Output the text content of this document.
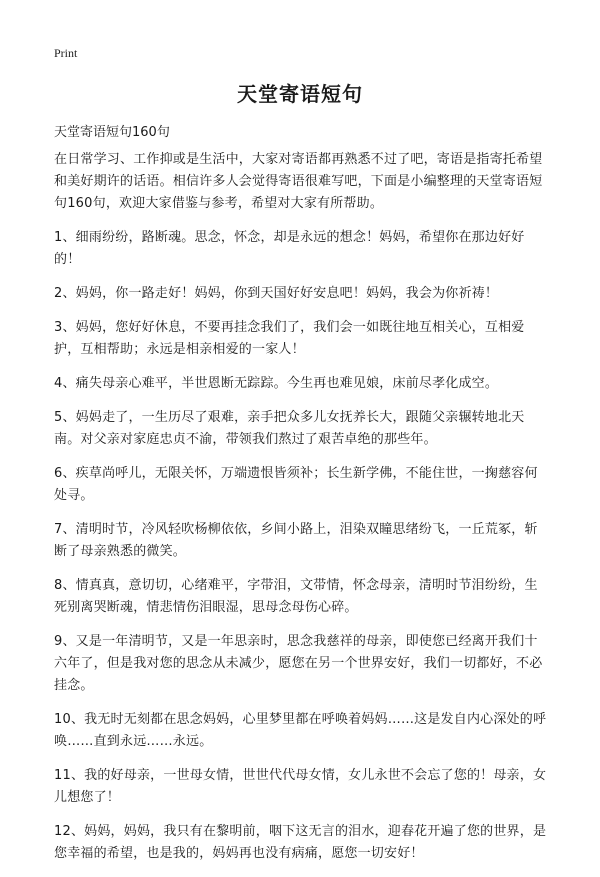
Print
天堂寄语短句
天堂寄语短句160句

在日常学习、工作抑或是生活中，大家对寄语都再熟悉不过了吧，寄语是指寄托希望和美好期许的话语。相信许多人会觉得寄语很难写吧，下面是小编整理的天堂寄语短句160句，欢迎大家借鉴与参考，希望对大家有所帮助。

1、细雨纷纷，路断魂。思念，怀念，却是永远的想念！妈妈，希望你在那边好好的！

2、妈妈，你一路走好！妈妈，你到天国好好安息吧！妈妈，我会为你祈祷！

3、妈妈，您好好休息，不要再挂念我们了，我们会一如既往地互相关心，互相爱护，互相帮助；永远是相亲相爱的一家人！

4、痛失母亲心难平，半世恩断无踪踪。今生再也难见娘，床前尽孝化成空。

5、妈妈走了，一生历尽了艰难，亲手把众多儿女抚养长大，跟随父亲辗转地北天南。对父亲对家庭忠贞不渝，带领我们熬过了艰苦卓绝的那些年。

6、疾草尚呼儿，无限关怀，万端遗恨皆须补；长生新学佛，不能住世，一掬慈容何处寻。

7、清明时节，冷风轻吹杨柳依依，乡间小路上，泪染双瞳思绪纷飞，一丘荒冢，斩断了母亲熟悉的微笑。

8、情真真，意切切，心绪难平，字带泪，文带情，怀念母亲，清明时节泪纷纷，生死别离哭断魂，情悲情伤泪眼湿，思母念母伤心碎。

9、又是一年清明节，又是一年思亲时，思念我慈祥的母亲，即使您已经离开我们十六年了，但是我对您的思念从未减少，愿您在另一个世界安好，我们一切都好，不必挂念。

10、我无时无刻都在思念妈妈，心里梦里都在呼唤着妈妈……这是发自内心深处的呼唤……直到永远……永远。

11、我的好母亲，一世母女情，世世代代母女情，女儿永世不会忘了您的！母亲，女儿想您了！

12、妈妈，妈妈，我只有在黎明前，咽下这无言的泪水，迎春花开遍了您的世界，是您幸福的希望，也是我的，妈妈再也没有病痛，愿您一切安好！
